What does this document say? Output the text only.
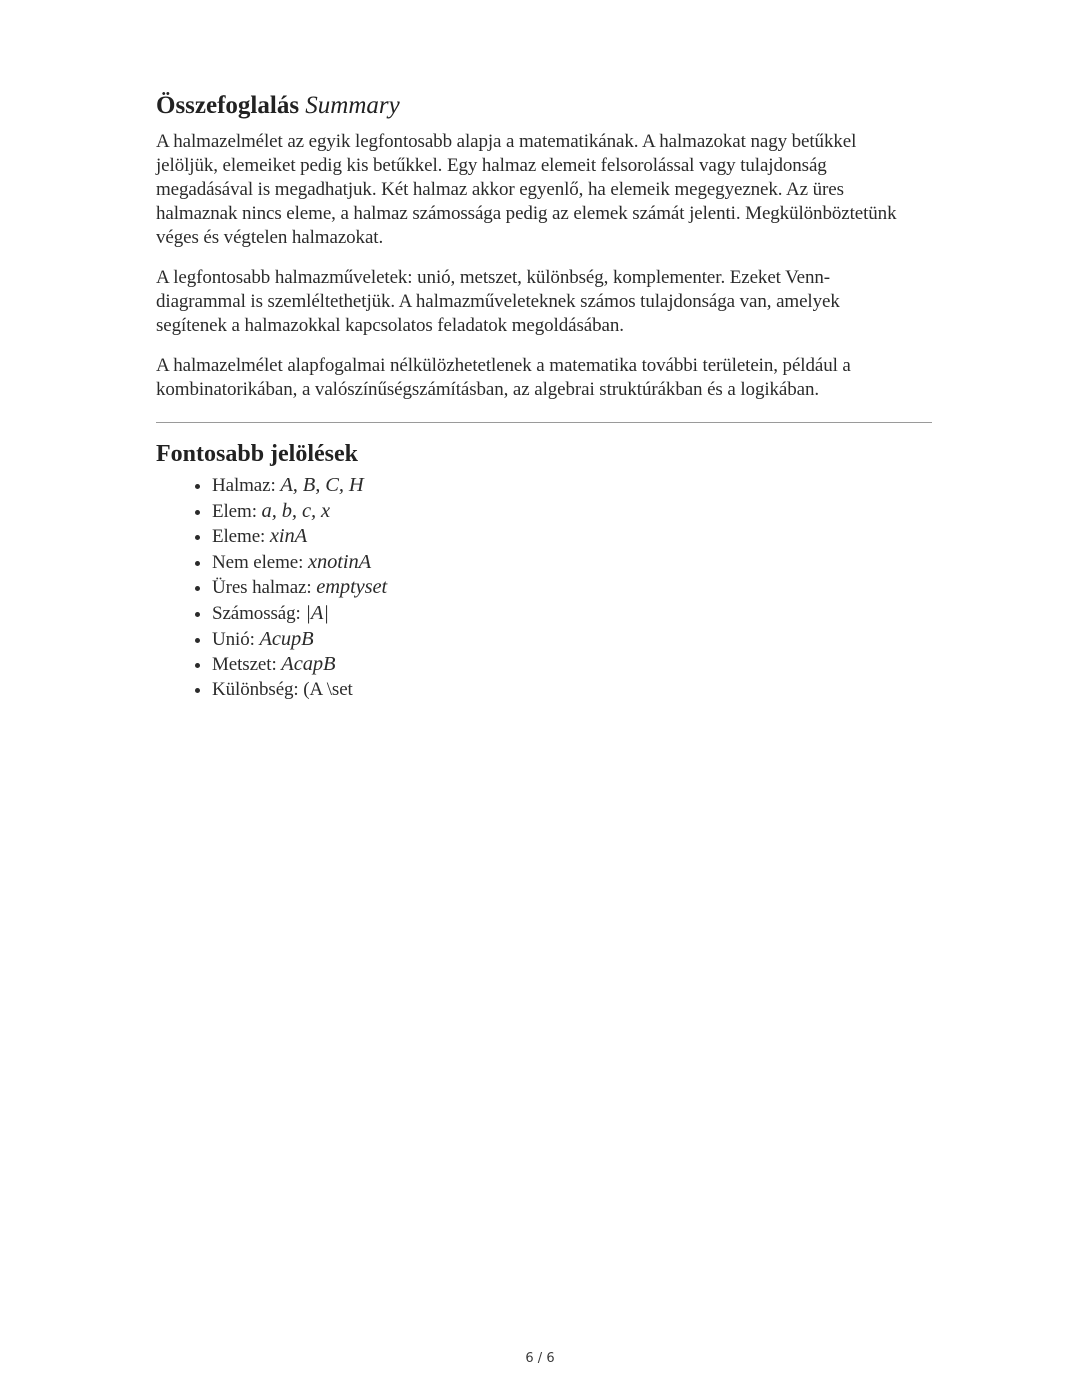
Összefoglalás Summary

A halmazelmélet az egyik legfontosabb alapja a matematikának. A halmazokat nagy betűkkel jelöljük, elemeiket pedig kis betűkkel. Egy halmaz elemeit felsorolással vagy tulajdonság megadásával is megadhatjuk. Két halmaz akkor egyenlő, ha elemeik megegyeznek. Az üres halmaznak nincs eleme, a halmaz számossága pedig az elemek számát jelenti. Megkülönböztetünk véges és végtelen halmazokat.

A legfontosabb halmazműveletek: unió, metszet, különbség, komplementer. Ezeket Venn-diagrammal is szemléltethetjük. A halmazműveleteknek számos tulajdonsága van, amelyek segítenek a halmazokkal kapcsolatos feladatok megoldásában.

A halmazelmélet alapfogalmai nélkülözhetetlenek a matematika további területein, például a kombinatorikában, a valószínűségszámításban, az algebrai struktúrákban és a logikában.

Fontosabb jelölések
• Halmaz: A, B, C, H
• Elem: a, b, c, x
• Eleme: xinA
• Nem eleme: xnotinA
• Üres halmaz: emptyset
• Számosság: |A|
• Unió: AcupB
• Metszet: AcapB
• Különbség: (A \set
6 / 6
